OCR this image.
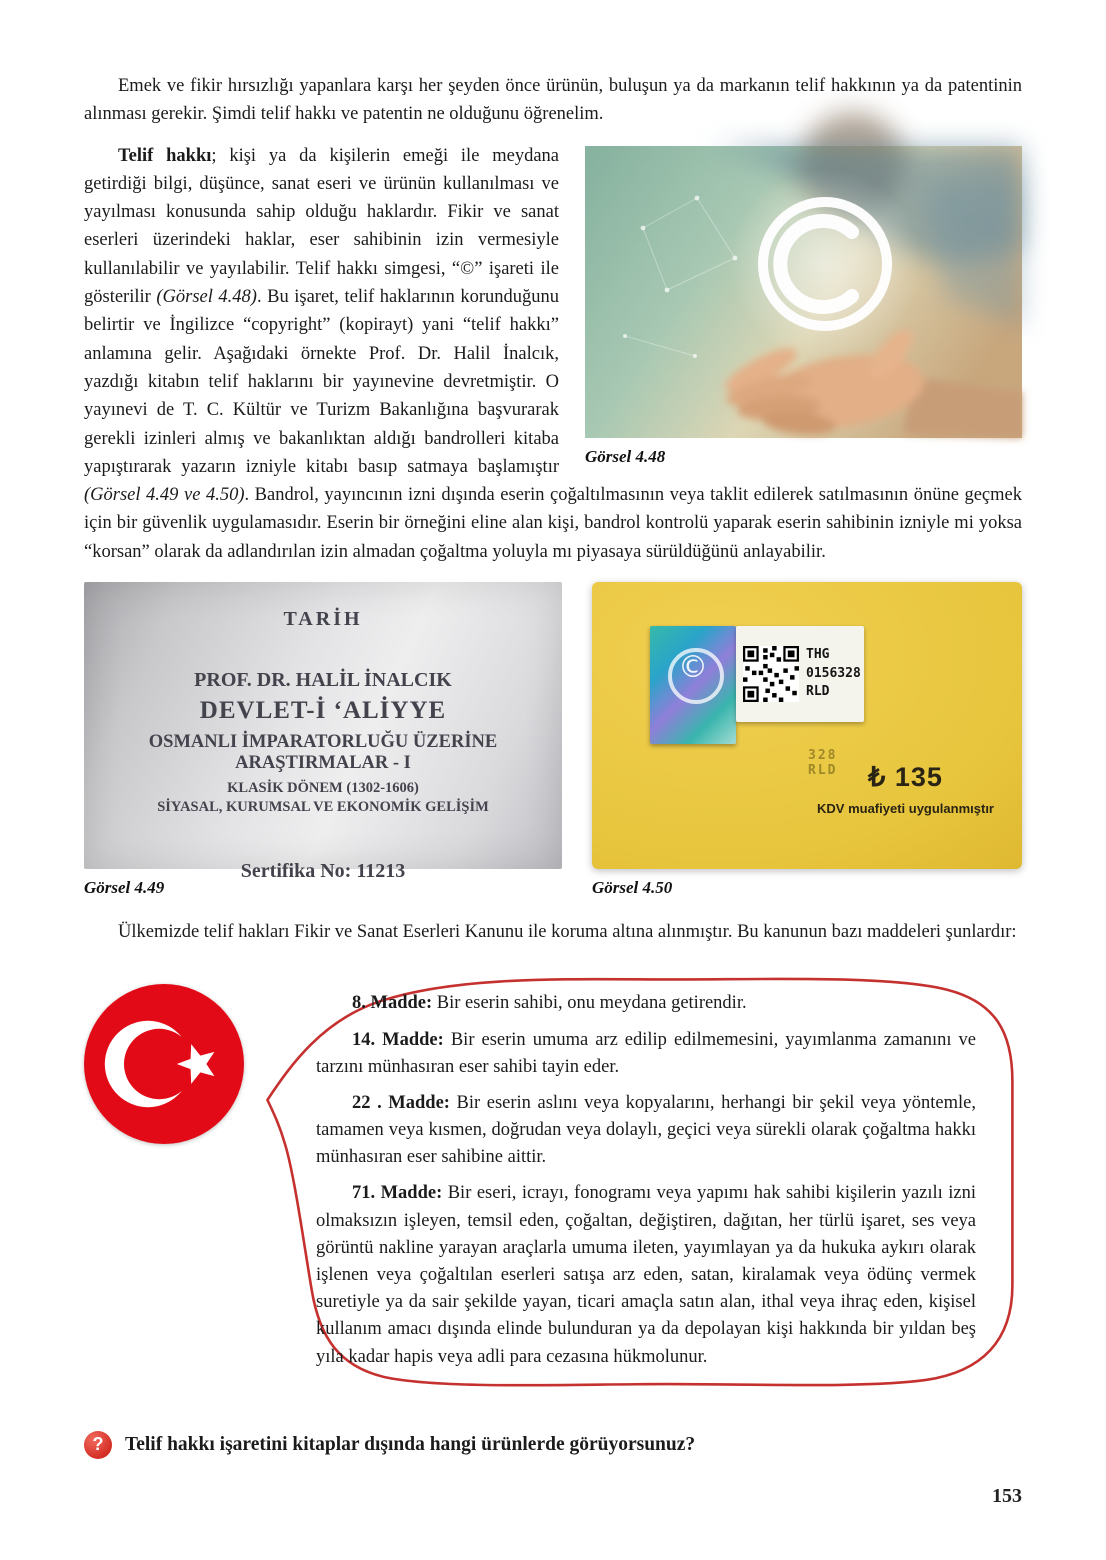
Emek ve fikir hırsızlığı yapanlara karşı her şeyden önce ürünün, buluşun ya da markanın telif hakkının ya da patentinin alınması gerekir. Şimdi telif hakkı ve patentin ne olduğunu öğrenelim.

Görsel 4.48

Telif hakkı; kişi ya da kişilerin emeği ile meydana getirdiği bilgi, düşünce, sanat eseri ve ürünün kullanılması ve yayılması konusunda sahip olduğu haklardır. Fikir ve sanat eserleri üzerindeki haklar, eser sahibinin izin vermesiyle kullanılabilir ve yayılabilir. Telif hakkı simgesi, “©” işareti ile gösterilir (Görsel 4.48). Bu işaret, telif haklarının korunduğunu belirtir ve İngilizce “copyright” (kopirayt) yani “telif hakkı” anlamına gelir. Aşağıdaki örnekte Prof. Dr. Halil İnalcık, yazdığı kitabın telif haklarını bir yayınevine devretmiştir. O yayınevi de T. C. Kültür ve Turizm Bakanlığına başvurarak gerekli izinleri almış ve bakanlıktan aldığı bandrolleri kitaba yapıştırarak yazarın izniyle kitabı basıp satmaya başlamıştır (Görsel 4.49 ve 4.50). Bandrol, yayıncının izni dışında eserin çoğaltılmasının veya taklit edilerek satılmasının önüne geçmek için bir güvenlik uygulamasıdır. Eserin bir örneğini eline alan kişi, bandrol kontrolü yaparak eserin sahibinin izniyle mi yoksa “korsan” olarak da adlandırılan izin almadan çoğaltma yoluyla mı piyasaya sürüldüğünü anlayabilir.

TARİH
PROF. DR. HALİL İNALCIK
DEVLET-İ ‘ALİYYE
OSMANLI İMPARATORLUĞU ÜZERİNE ARAŞTIRMALAR - I
KLASİK DÖNEM (1302-1606)
SİYASAL, KURUMSAL VE EKONOMİK GELİŞİM
Sertifika No: 11213
Görsel 4.49
©	THG
0156328
RLD
328 RLD	₺ 135
KDV muafiyeti uygulanmıştır
Görsel 4.50

Ülkemizde telif hakları Fikir ve Sanat Eserleri Kanunu ile koruma altına alınmıştır. Bu kanunun bazı maddeleri şunlardır:

8. Madde: Bir eserin sahibi, onu meydana getirendir.

14. Madde: Bir eserin umuma arz edilip edilmemesini, yayımlanma zamanını ve tarzını münhasıran eser sahibi tayin eder.

22 . Madde: Bir eserin aslını veya kopyalarını, herhangi bir şekil veya yöntemle, tamamen veya kısmen, doğrudan veya dolaylı, geçici veya sürekli olarak çoğaltma hakkı münhasıran eser sahibine aittir.

71. Madde: Bir eseri, icrayı, fonogramı veya yapımı hak sahibi kişilerin yazılı izni olmaksızın işleyen, temsil eden, çoğaltan, değiştiren, dağıtan, her türlü işaret, ses veya görüntü nakline yarayan araçlarla umuma ileten, yayımlayan ya da hukuka aykırı olarak işlenen veya çoğaltılan eserleri satışa arz eden, satan, kiralamak veya ödünç vermek suretiyle ya da sair şekilde yayan, ticari amaçla satın alan, ithal veya ihraç eden, kişisel kullanım amacı dışında elinde bulunduran ya da depolayan kişi hakkında bir yıldan beş yıla kadar hapis veya adli para cezasına hükmolunur.

?	Telif hakkı işaretini kitaplar dışında hangi ürünlerde görüyorsunuz?
153
